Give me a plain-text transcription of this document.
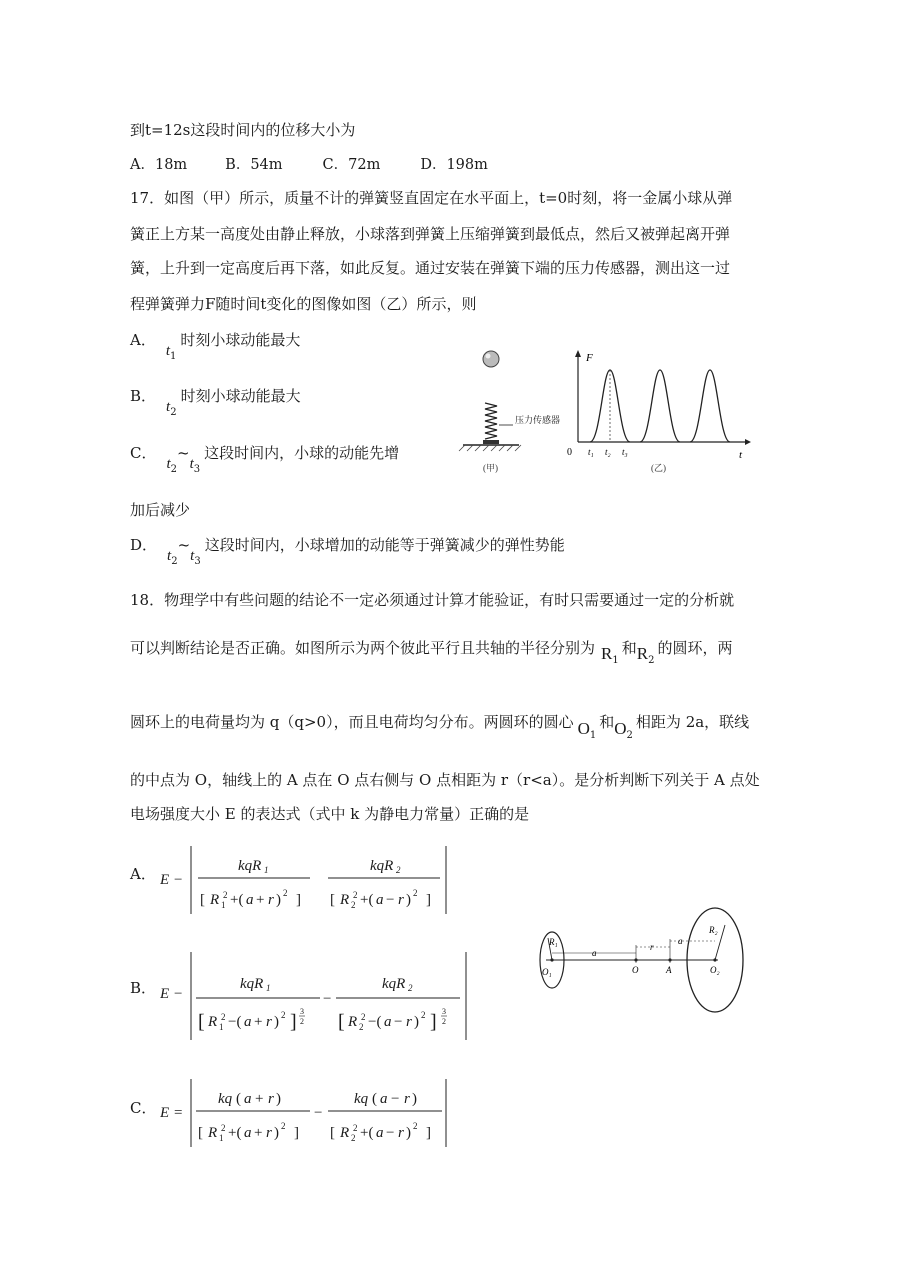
到t=12s这段时间内的位移大小为
A．18m	B．54m	C．72m	D．198m
17．如图（甲）所示，质量不计的弹簧竖直固定在水平面上，t=0时刻，将一金属小球从弹
簧正上方某一高度处由静止释放，小球落到弹簧上压缩弹簧到最低点，然后又被弹起离开弹
簧，上升到一定高度后再下落，如此反复。通过安装在弹簧下端的压力传感器，测出这一过
程弹簧弹力F随时间t变化的图像如图（乙）所示，则
A．$t_1$时刻小球动能最大
B．$t_2$时刻小球动能最大
C．$t_2\sim t_3$这段时间内，小球的动能先增
加后减少
D．$t_2\sim t_3$这段时间内，小球增加的动能等于弹簧减少的弹性势能
压力传感器
(甲)
F
t
0 t₁ t₂ t₃
(乙)
18．物理学中有些问题的结论不一定必须通过计算才能验证，有时只需要通过一定的分析就
可以判断结论是否正确。如图所示为两个彼此平行且共轴的半径分别为 $R_1$和$R_2$的圆环，两
圆环上的电荷量均为 q（q>0），而且电荷均匀分布。两圆环的圆心 $O_1$和$O_2$相距为 2a，联线
的中点为 O，轴线上的 A 点在 O 点右侧与 O 点相距为 r（r<a）。是分析判断下列关于 A 点处
电场强度大小 E 的表达式（式中 k 为静电力常量）正确的是
A． E −
kqR 1
[ R 1
2 +( a + r ) 2 ]
kqR 2
[ R 2
2 +( a − r ) 2 ]
B． E −
kqR 1
[ R 1
2 −( a + r ) 2 ] 3
2
−
kqR 2
[ R 2
2 −( a − r ) 2 ] 3
2
C． E =
kq ( a + r )
[ R 1
2 +( a + r ) 2 ]
−
kq ( a − r )
[ R 2
2 +( a − r ) 2 ]
R₁
R₂
a
r
a
O₁	O	A	O₂
